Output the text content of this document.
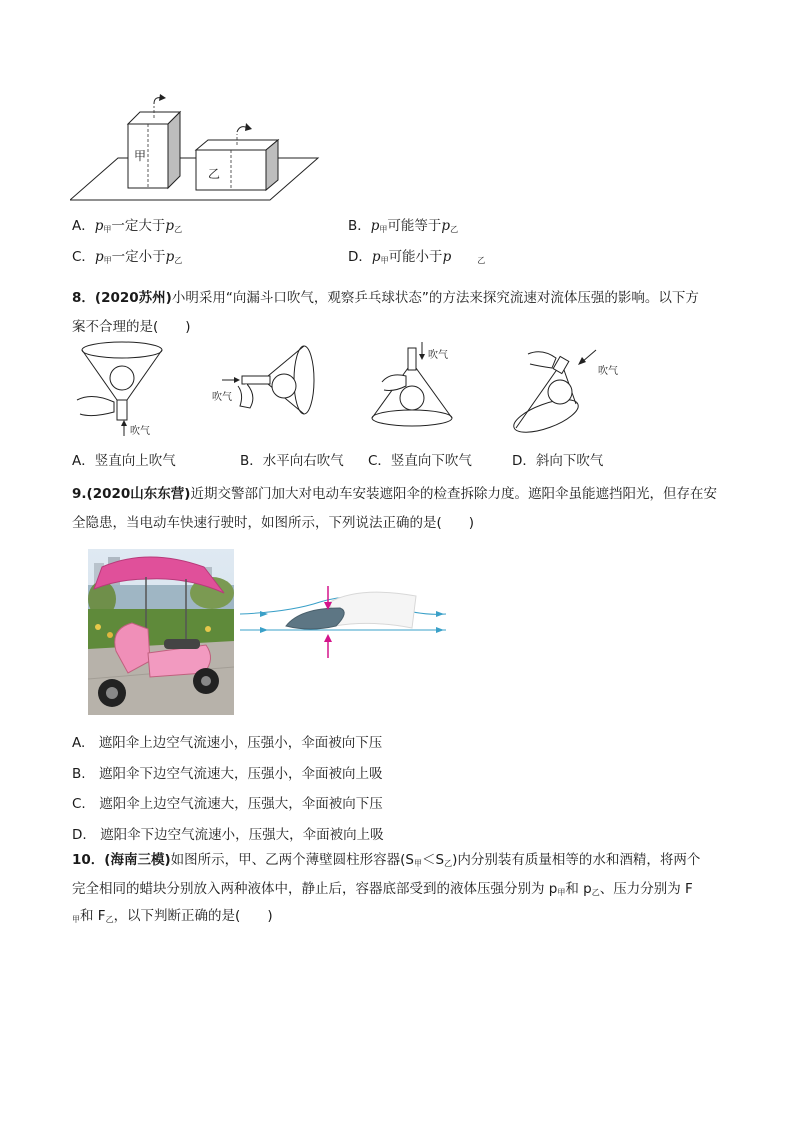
甲
乙
A．$p_甲$一定大于$p_乙$	B．$p_甲$可能等于$p_乙$
C．$p_甲$一定小于$p_乙$	D．$p_甲$可能小于p	$_乙$
8．(2020苏州)小明采用“向漏斗口吹气，观察乒乓球状态”的方法来探究流速对流体压强的影响。以下方
案不合理的是(　　)
吹气
吹气
吹气
吹气
A．竖直向上吹气	B．水平向右吹气 C．竖直向下吹气	D．斜向下吹气
9.(2020山东东营)近期交警部门加大对电动车安装遮阳伞的检查拆除力度。遮阳伞虽能遮挡阳光，但存在安
全隐患，当电动车快速行驶时，如图所示，下列说法正确的是(　　)
A.　遮阳伞上边空气流速小，压强小，伞面被向下压
B.　遮阳伞下边空气流速大，压强小，伞面被向上吸
C.　遮阳伞上边空气流速大，压强大，伞面被向下压
D.　遮阳伞下边空气流速小，压强大，伞面被向上吸
10．(海南三模)如图所示，甲、乙两个薄壁圆柱形容器$(S_甲<S_乙)$内分别装有质量相等的水和酒精，将两个
完全相同的蜡块分别放入两种液体中，静止后，容器底部受到的液体压强分别为 $p_甲$和 $p_乙$、压力分别为 F
$_甲$和 $F_乙$，以下判断正确的是(　　)
